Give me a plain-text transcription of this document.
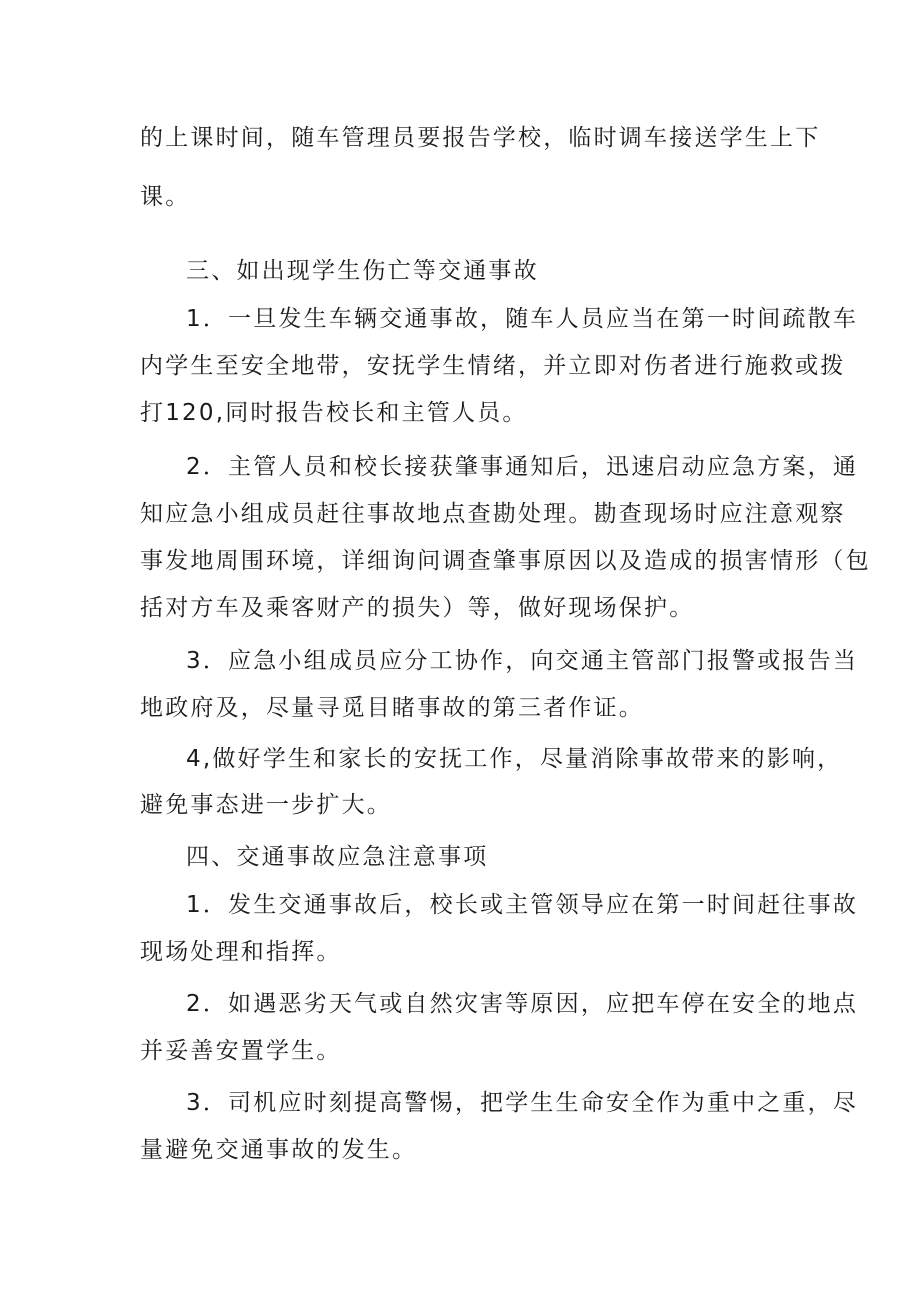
的上课时间，随车管理员要报告学校，临时调车接送学生上下
课。
三、如出现学生伤亡等交通事故
1．一旦发生车辆交通事故，随车人员应当在第一时间疏散车
内学生至安全地带，安抚学生情绪，并立即对伤者进行施救或拨
打120,同时报告校长和主管人员。
2．主管人员和校长接获肇事通知后，迅速启动应急方案，通
知应急小组成员赶往事故地点查勘处理。勘查现场时应注意观察
事发地周围环境，详细询问调查肇事原因以及造成的损害情形（包
括对方车及乘客财产的损失）等，做好现场保护。
3．应急小组成员应分工协作，向交通主管部门报警或报告当
地政府及，尽量寻觅目睹事故的第三者作证。
4,做好学生和家长的安抚工作，尽量消除事故带来的影响，
避免事态进一步扩大。
四、交通事故应急注意事项
1．发生交通事故后，校长或主管领导应在第一时间赶往事故
现场处理和指挥。
2．如遇恶劣天气或自然灾害等原因，应把车停在安全的地点
并妥善安置学生。
3．司机应时刻提高警惕，把学生生命安全作为重中之重，尽
量避免交通事故的发生。
